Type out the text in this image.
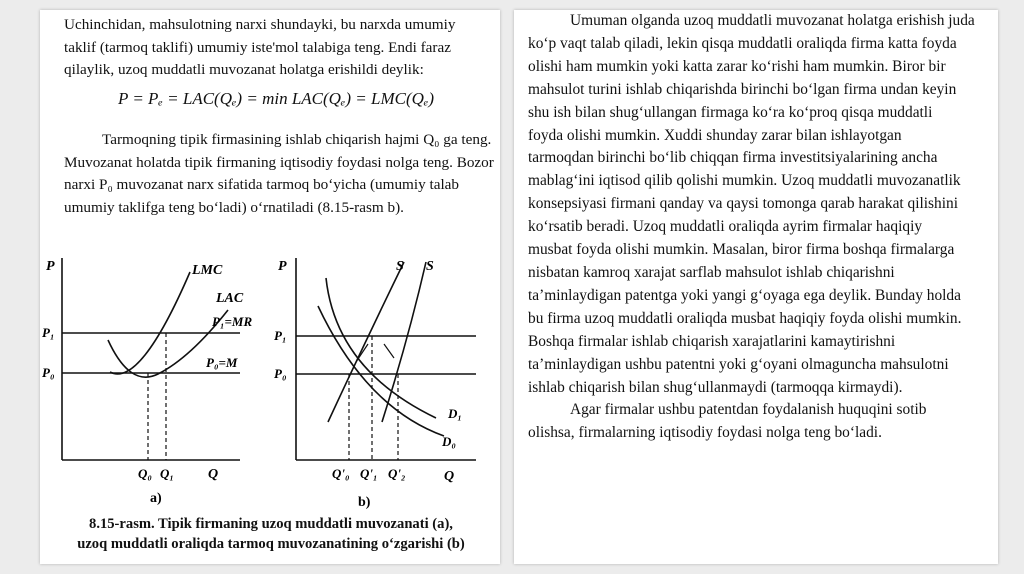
Uchinchidan, mahsulotning narxi shundayki, bu narxda umumiy
taklif (tarmoq taklifi) umumiy iste'mol talabiga teng. Endi faraz
qilaylik, uzoq muddatli muvozanat holatga erishildi deylik:

P = Pₑ = LAC(Qₑ) = min LAC(Qₑ) = LMC(Qₑ)

Tarmoqning tipik firmasining ishlab chiqarish hajmi Q₀ ga teng.
Muvozanat holatda tipik firmaning iqtisodiy foydasi nolga teng. Bozor
narxi P₀ muvozanat narx sifatida tarmoq bo‘yicha (umumiy talab
umumiy taklifga teng bo‘ladi) o‘rnatiladi (8.15-rasm b).

P
Q
LMC
LAC
P₁
P₀
P₁=MR
P₀=M
Q₀ Q₁
a)
P
Q
S S
P₁
P₀
D₁
D₀
Q'₀ Q'₁ Q'₂
b)
8.15-rasm. Tipik firmaning uzoq muddatli muvozanati (a),
uzoq muddatli oraliqda tarmoq muvozanatining o‘zgarishi (b)

Umuman olganda uzoq muddatli muvozanat holatga erishish juda
ko‘p vaqt talab qiladi, lekin qisqa muddatli oraliqda firma katta foyda
olishi ham mumkin yoki katta zarar ko‘rishi ham mumkin. Biror bir
mahsulot turini ishlab chiqarishda birinchi bo‘lgan firma undan keyin
shu ish bilan shug‘ullangan firmaga ko‘ra ko‘proq qisqa muddatli
foyda olishi mumkin. Xuddi shunday zarar bilan ishlayotgan
tarmoqdan birinchi bo‘lib chiqqan firma investitsiyalarining ancha
mablag‘ini iqtisod qilib qolishi mumkin. Uzoq muddatli muvozanatlik
konsepsiyasi firmani qanday va qaysi tomonga qarab harakat qilishini
ko‘rsatib beradi. Uzoq muddatli oraliqda ayrim firmalar haqiqiy
musbat foyda olishi mumkin. Masalan, biror firma boshqa firmalarga
nisbatan kamroq xarajat sarflab mahsulot ishlab chiqarishni
ta’minlaydigan patentga yoki yangi g‘oyaga ega deylik. Bunday holda
bu firma uzoq muddatli oraliqda musbat haqiqiy foyda olishi mumkin.
Boshqa firmalar ishlab chiqarish xarajatlarini kamaytirishni
ta’minlaydigan ushbu patentni yoki g‘oyani olmaguncha mahsulotni
ishlab chiqarish bilan shug‘ullanmaydi (tarmoqqa kirmaydi).
Agar firmalar ushbu patentdan foydalanish huquqini sotib
olishsa, firmalarning iqtisodiy foydasi nolga teng bo‘ladi.
